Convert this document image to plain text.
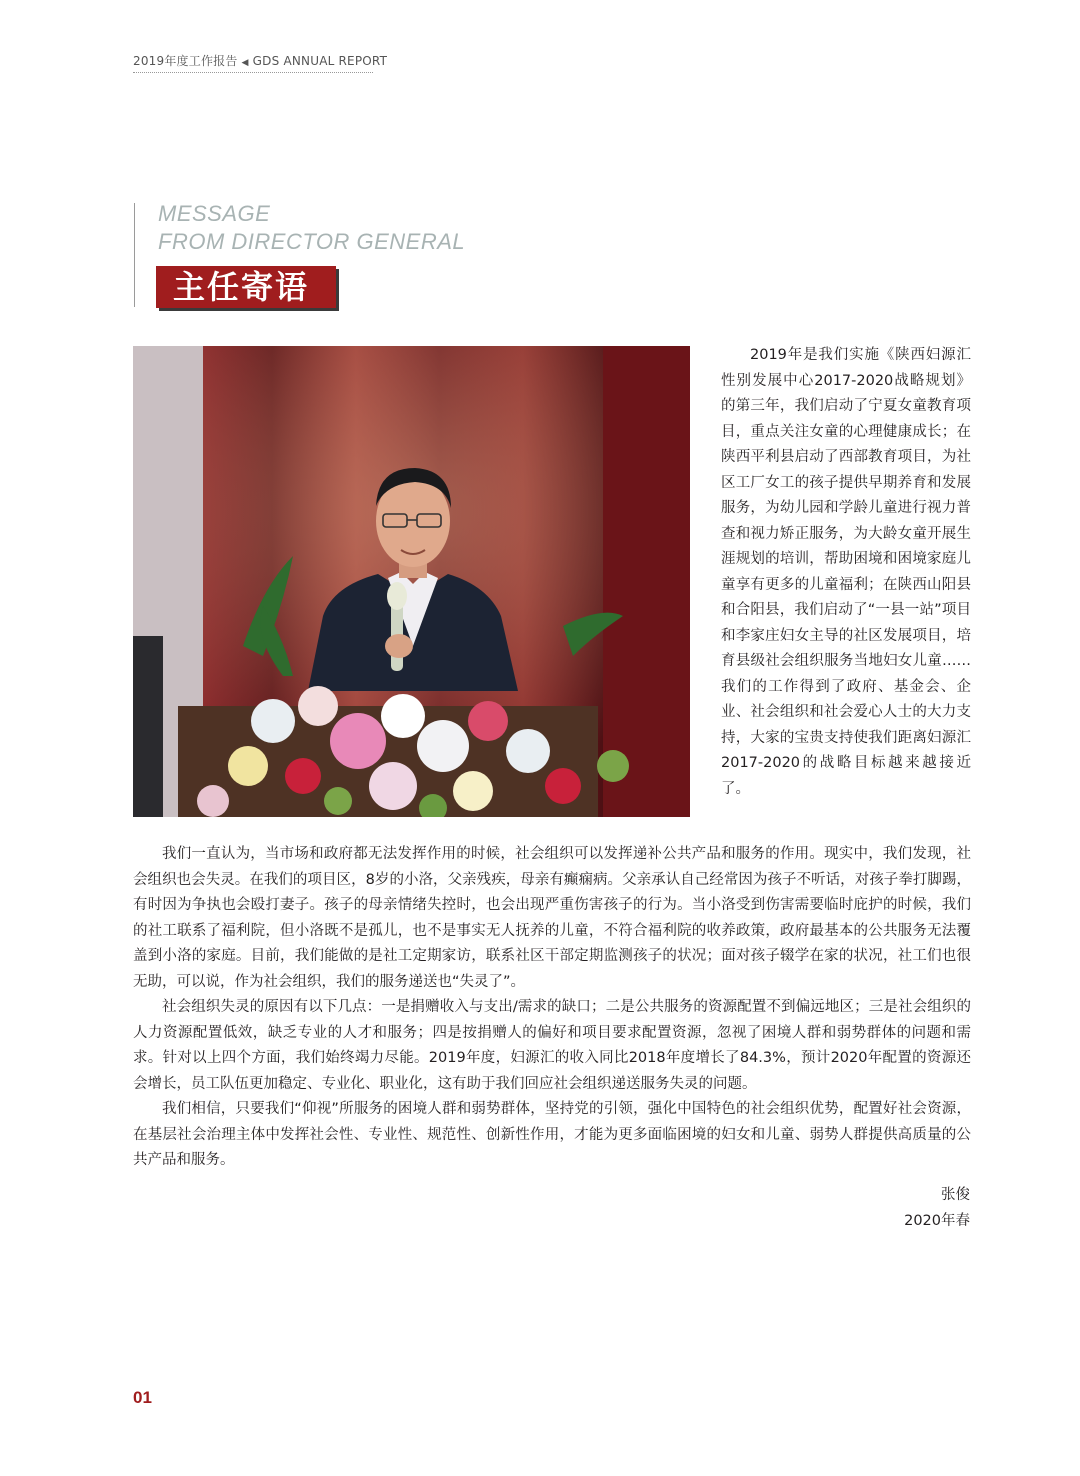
2019年度工作报告 ◀ GDS ANNUAL REPORT
MESSAGE
FROM DIRECTOR GENERAL
主任寄语

2019年是我们实施《陕西妇源汇性别发展中心2017-2020战略规划》的第三年，我们启动了宁夏女童教育项目，重点关注女童的心理健康成长；在陕西平利县启动了西部教育项目，为社区工厂女工的孩子提供早期养育和发展服务，为幼儿园和学龄儿童进行视力普查和视力矫正服务，为大龄女童开展生涯规划的培训，帮助困境和困境家庭儿童享有更多的儿童福利；在陕西山阳县和合阳县，我们启动了“一县一站”项目和李家庄妇女主导的社区发展项目，培育县级社会组织服务当地妇女儿童……我们的工作得到了政府、基金会、企业、社会组织和社会爱心人士的大力支持，大家的宝贵支持使我们距离妇源汇2017-2020的战略目标越来越接近了。

我们一直认为，当市场和政府都无法发挥作用的时候，社会组织可以发挥递补公共产品和服务的作用。现实中，我们发现，社会组织也会失灵。在我们的项目区，8岁的小洛，父亲残疾，母亲有癫痫病。父亲承认自己经常因为孩子不听话，对孩子拳打脚踢，有时因为争执也会殴打妻子。孩子的母亲情绪失控时，也会出现严重伤害孩子的行为。当小洛受到伤害需要临时庇护的时候，我们的社工联系了福利院，但小洛既不是孤儿，也不是事实无人抚养的儿童，不符合福利院的收养政策，政府最基本的公共服务无法覆盖到小洛的家庭。目前，我们能做的是社工定期家访，联系社区干部定期监测孩子的状况；面对孩子辍学在家的状况，社工们也很无助，可以说，作为社会组织，我们的服务递送也“失灵了”。

社会组织失灵的原因有以下几点：一是捐赠收入与支出/需求的缺口；二是公共服务的资源配置不到偏远地区；三是社会组织的人力资源配置低效，缺乏专业的人才和服务；四是按捐赠人的偏好和项目要求配置资源，忽视了困境人群和弱势群体的问题和需求。针对以上四个方面，我们始终竭力尽能。2019年度，妇源汇的收入同比2018年度增长了84.3%，预计2020年配置的资源还会增长，员工队伍更加稳定、专业化、职业化，这有助于我们回应社会组织递送服务失灵的问题。

我们相信，只要我们“仰视”所服务的困境人群和弱势群体，坚持党的引领，强化中国特色的社会组织优势，配置好社会资源，在基层社会治理主体中发挥社会性、专业性、规范性、创新性作用，才能为更多面临困境的妇女和儿童、弱势人群提供高质量的公共产品和服务。

张俊
2020年春
01
